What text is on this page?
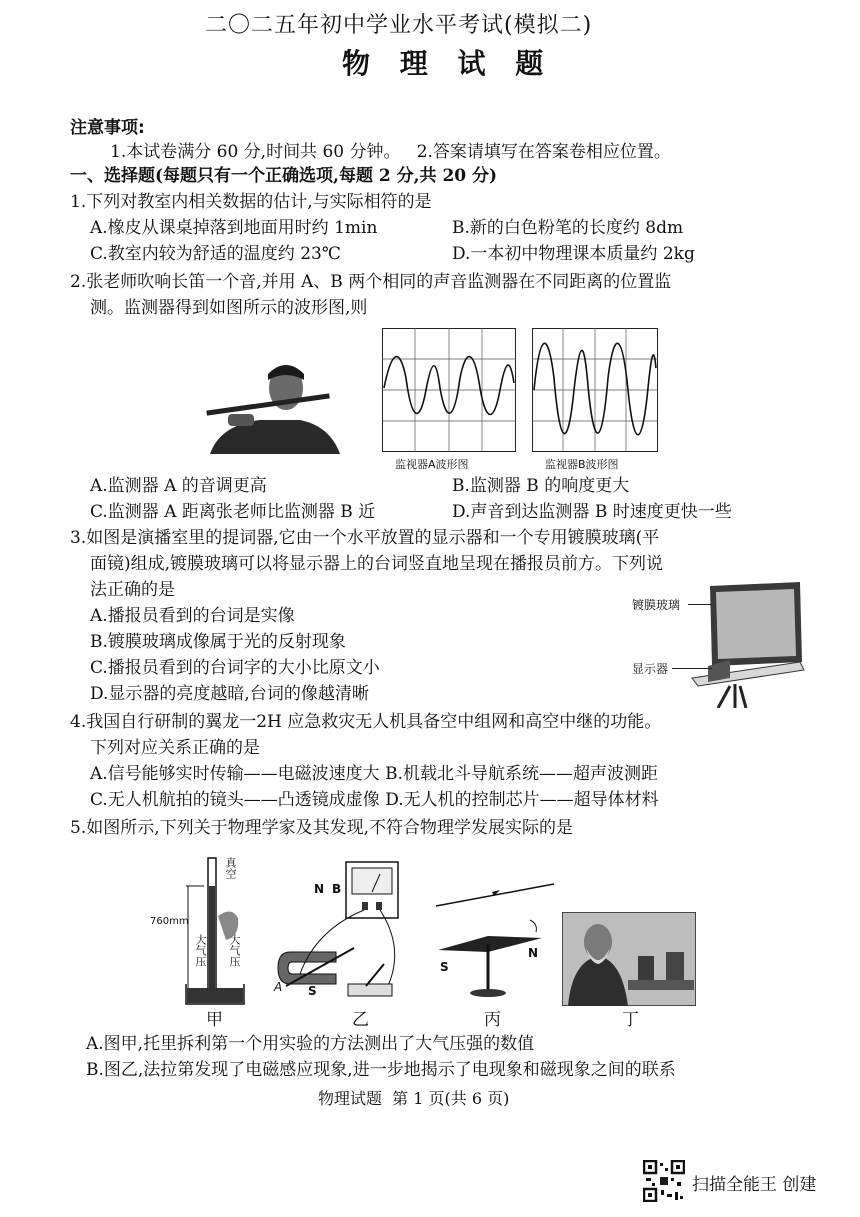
二〇二五年初中学业水平考试(模拟二)
物 理 试 题
注意事项:
1.本试卷满分 60 分,时间共 60 分钟。   2.答案请填写在答案卷相应位置。
一、选择题(每题只有一个正确选项,每题 2 分,共 20 分)
1.下列对教室内相关数据的估计,与实际相符的是
A.橡皮从课桌掉落到地面用时约 1min	B.新的白色粉笔的长度约 8dm
C.教室内较为舒适的温度约 23℃	D.一本初中物理课本质量约 2kg
2.张老师吹响长笛一个音,并用 A、B 两个相同的声音监测器在不同距离的位置监
测。监测器得到如图所示的波形图,则
监视器A波形图	监视器B波形图
A.监测器 A 的音调更高	B.监测器 B 的响度更大
C.监测器 A 距离张老师比监测器 B 近	D.声音到达监测器 B 时速度更快一些
3.如图是演播室里的提词器,它由一个水平放置的显示器和一个专用镀膜玻璃(平
面镜)组成,镀膜玻璃可以将显示器上的台词竖直地呈现在播报员前方。下列说
法正确的是
A.播报员看到的台词是实像
B.镀膜玻璃成像属于光的反射现象
C.播报员看到的台词字的大小比原文小
D.显示器的亮度越暗,台词的像越清晰
镀膜玻璃
显示器
4.我国自行研制的翼龙一2H 应急救灾无人机具备空中组网和高空中继的功能。
下列对应关系正确的是
A.信号能够实时传输——电磁波速度大 B.机载北斗导航系统——超声波测距
C.无人机航拍的镜头——凸透镜成虚像 D.无人机的控制芯片——超导体材料
5.如图所示,下列关于物理学家及其发现,不符合物理学发展实际的是
真空
760mm
大气压 大气压
甲
N B
A S
乙
S
N
丙	丁
A.图甲,托里拆利第一个用实验的方法测出了大气压强的数值
B.图乙,法拉第发现了电磁感应现象,进一步地揭示了电现象和磁现象之间的联系
物理试题  第 1 页(共 6 页)
扫描全能王 创建
